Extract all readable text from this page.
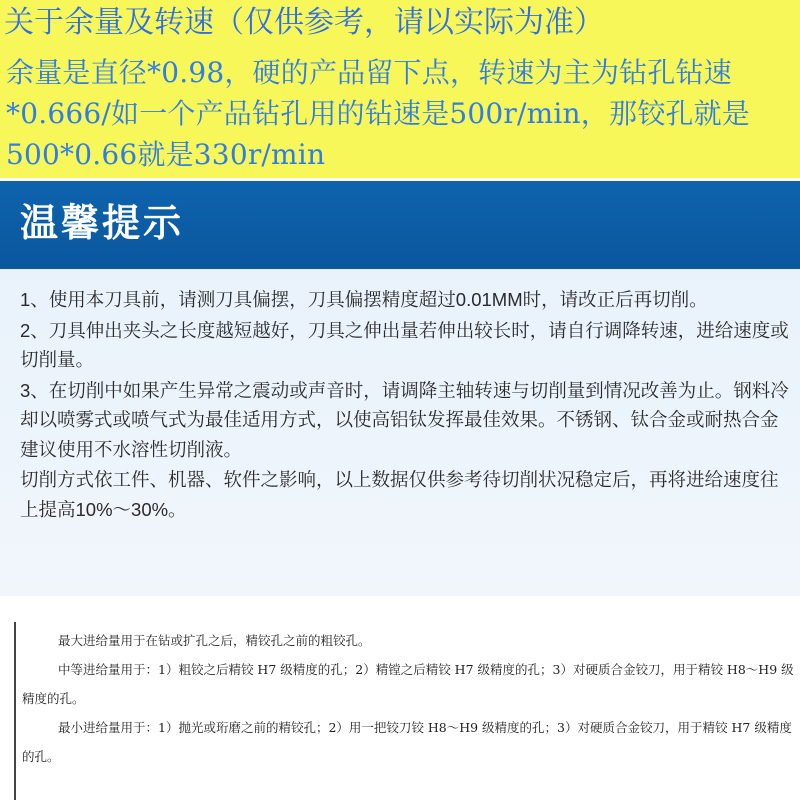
关于余量及转速（仅供参考，请以实际为准）
余量是直径*0.98，硬的产品留下点，转速为主为钻孔钻速*0.666/如一个产品钻孔用的钻速是500r/min，那铰孔就是500*0.66就是330r/min
温馨提示

1、使用本刀具前，请测刀具偏摆，刀具偏摆精度超过0.01MM时，请改正后再切削。

2、刀具伸出夹头之长度越短越好，刀具之伸出量若伸出较长时，请自行调降转速，进给速度或切削量。

3、在切削中如果产生异常之震动或声音时，请调降主轴转速与切削量到情况改善为止。钢料冷却以喷雾式或喷气式为最佳适用方式，以使高铝钛发挥最佳效果。不锈钢、钛合金或耐热合金建议使用不水溶性切削液。

切削方式依工件、机器、软件之影响，以上数据仅供参考待切削状况稳定后，再将进给速度往上提高10%～30%。

最大进给量用于在钻或扩孔之后，精铰孔之前的粗铰孔。

中等进给量用于：1）粗铰之后精铰 H7 级精度的孔；2）精镗之后精铰 H7 级精度的孔；3）对硬质合金铰刀，用于精铰 H8～H9 级精度的孔。

最小进给量用于：1）抛光或珩磨之前的精铰孔；2）用一把铰刀铰 H8～H9 级精度的孔；3）对硬质合金铰刀，用于精铰 H7 级精度的孔。
